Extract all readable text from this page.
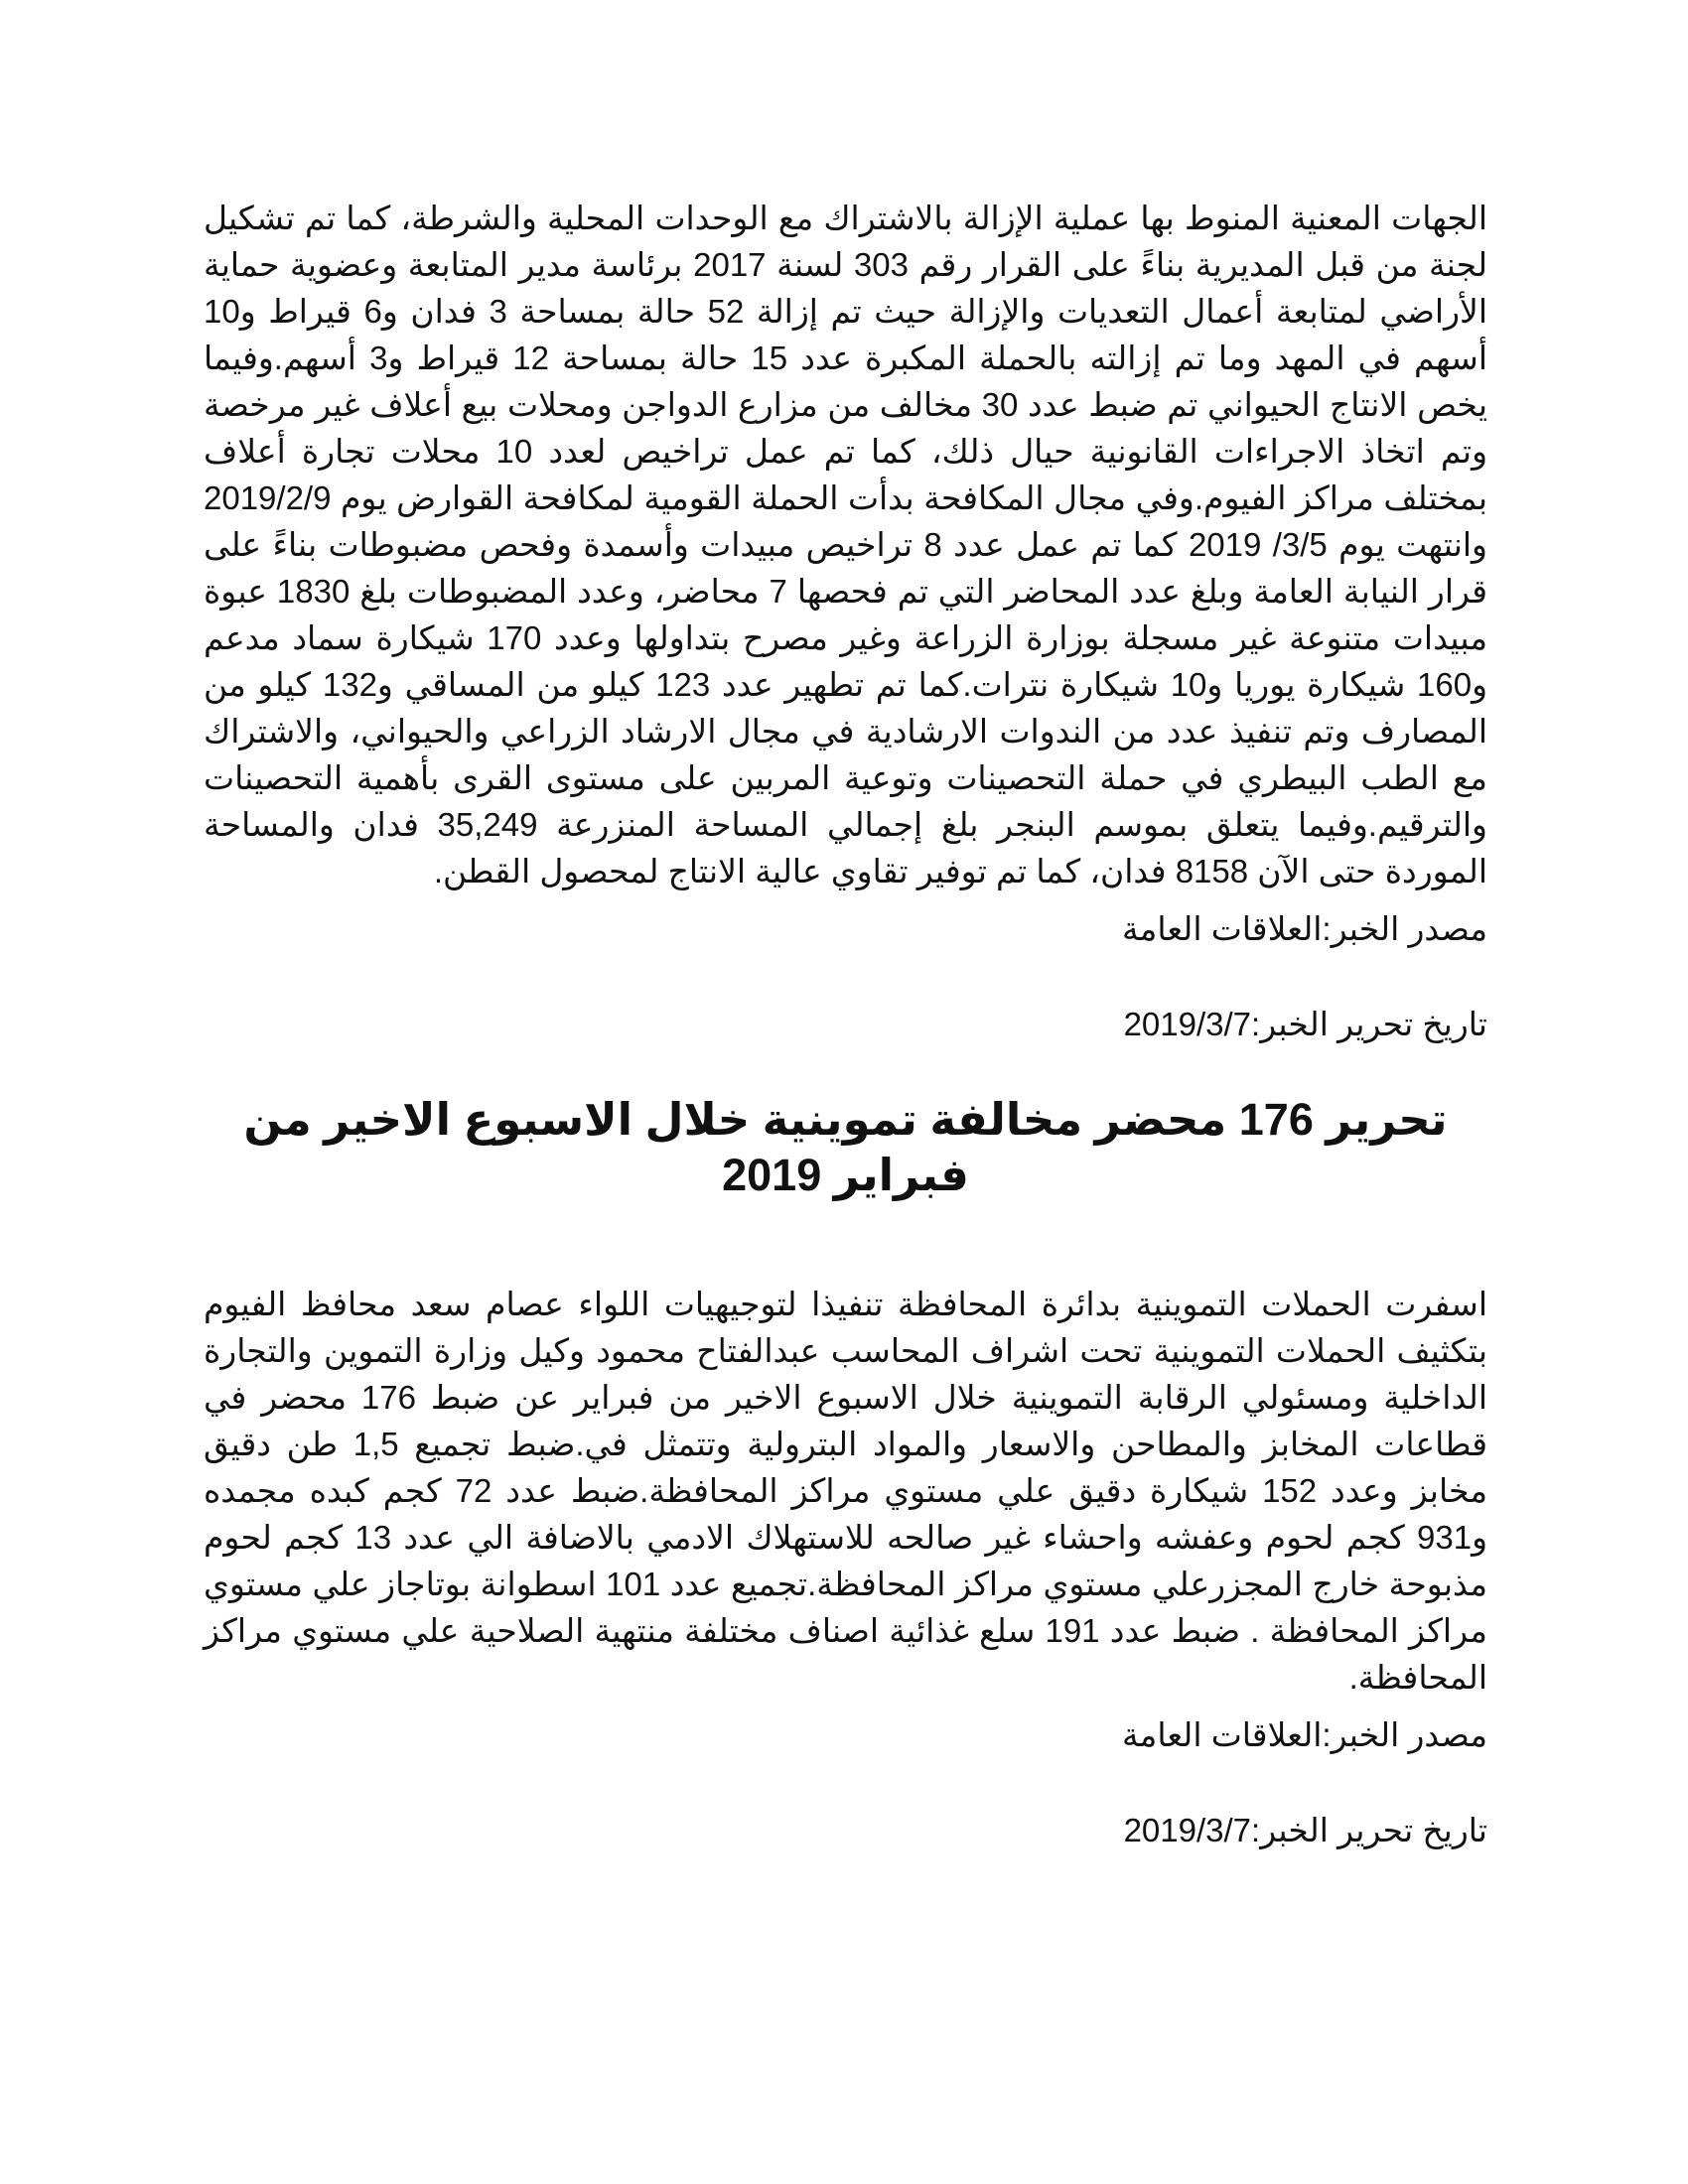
الجهات المعنية المنوط بها عملية الإزالة بالاشتراك مع الوحدات المحلية والشرطة، كما تم تشكيل لجنة من قبل المديرية بناءً على القرار رقم 303 لسنة 2017 برئاسة مدير المتابعة وعضوية حماية الأراضي لمتابعة أعمال التعديات والإزالة حيث تم إزالة 52 حالة بمساحة 3 فدان و6 قيراط و10 أسهم في المهد وما تم إزالته بالحملة المكبرة عدد 15 حالة بمساحة 12 قيراط و3 أسهم.وفيما يخص الانتاج الحيواني تم ضبط عدد 30 مخالف من مزارع الدواجن ومحلات بيع أعلاف غير مرخصة وتم اتخاذ الاجراءات القانونية حيال ذلك، كما تم عمل تراخيص لعدد 10 محلات تجارة أعلاف بمختلف مراكز الفيوم.وفي مجال المكافحة بدأت الحملة القومية لمكافحة القوارض يوم 2019/2/9 وانتهت يوم 3/5/ 2019 كما تم عمل عدد 8 تراخيص مبيدات وأسمدة وفحص مضبوطات بناءً على قرار النيابة العامة وبلغ عدد المحاضر التي تم فحصها 7 محاضر، وعدد المضبوطات بلغ 1830 عبوة مبيدات متنوعة غير مسجلة بوزارة الزراعة وغير مصرح بتداولها وعدد 170 شيكارة سماد مدعم و160 شيكارة يوريا و10 شيكارة نترات.كما تم تطهير عدد 123 كيلو من المساقي و132 كيلو من المصارف وتم تنفيذ عدد من الندوات الارشادية في مجال الارشاد الزراعي والحيواني، والاشتراك مع الطب البيطري في حملة التحصينات وتوعية المربين على مستوى القرى بأهمية التحصينات والترقيم.وفيما يتعلق بموسم البنجر بلغ إجمالي المساحة المنزرعة 35,249 فدان والمساحة الموردة حتى الآن 8158 فدان، كما تم توفير تقاوي عالية الانتاج لمحصول القطن.

مصدر الخبر:العلاقات العامة

تاريخ تحرير الخبر:2019/3/7

تحرير 176 محضر مخالفة تموينية خلال الاسبوع الاخير من فبراير 2019

اسفرت الحملات التموينية بدائرة المحافظة تنفيذا لتوجيهيات اللواء عصام سعد محافظ الفيوم بتكثيف الحملات التموينية تحت اشراف المحاسب عبدالفتاح محمود وكيل وزارة التموين والتجارة الداخلية ومسئولي الرقابة التموينية خلال الاسبوع الاخير من فبراير عن ضبط 176 محضر في قطاعات المخابز والمطاحن والاسعار والمواد البترولية وتتمثل في.ضبط تجميع 1,5 طن دقيق مخابز وعدد 152 شيكارة دقيق علي مستوي مراكز المحافظة.ضبط عدد 72 كجم كبده مجمده و931 كجم لحوم وعفشه واحشاء غير صالحه للاستهلاك الادمي بالاضافة الي عدد 13 كجم لحوم مذبوحة خارج المجزرعلي مستوي مراكز المحافظة.تجميع عدد 101 اسطوانة بوتاجاز علي مستوي مراكز المحافظة . ضبط عدد 191 سلع غذائية اصناف مختلفة منتهية الصلاحية علي مستوي مراكز المحافظة.

مصدر الخبر:العلاقات العامة

تاريخ تحرير الخبر:2019/3/7
